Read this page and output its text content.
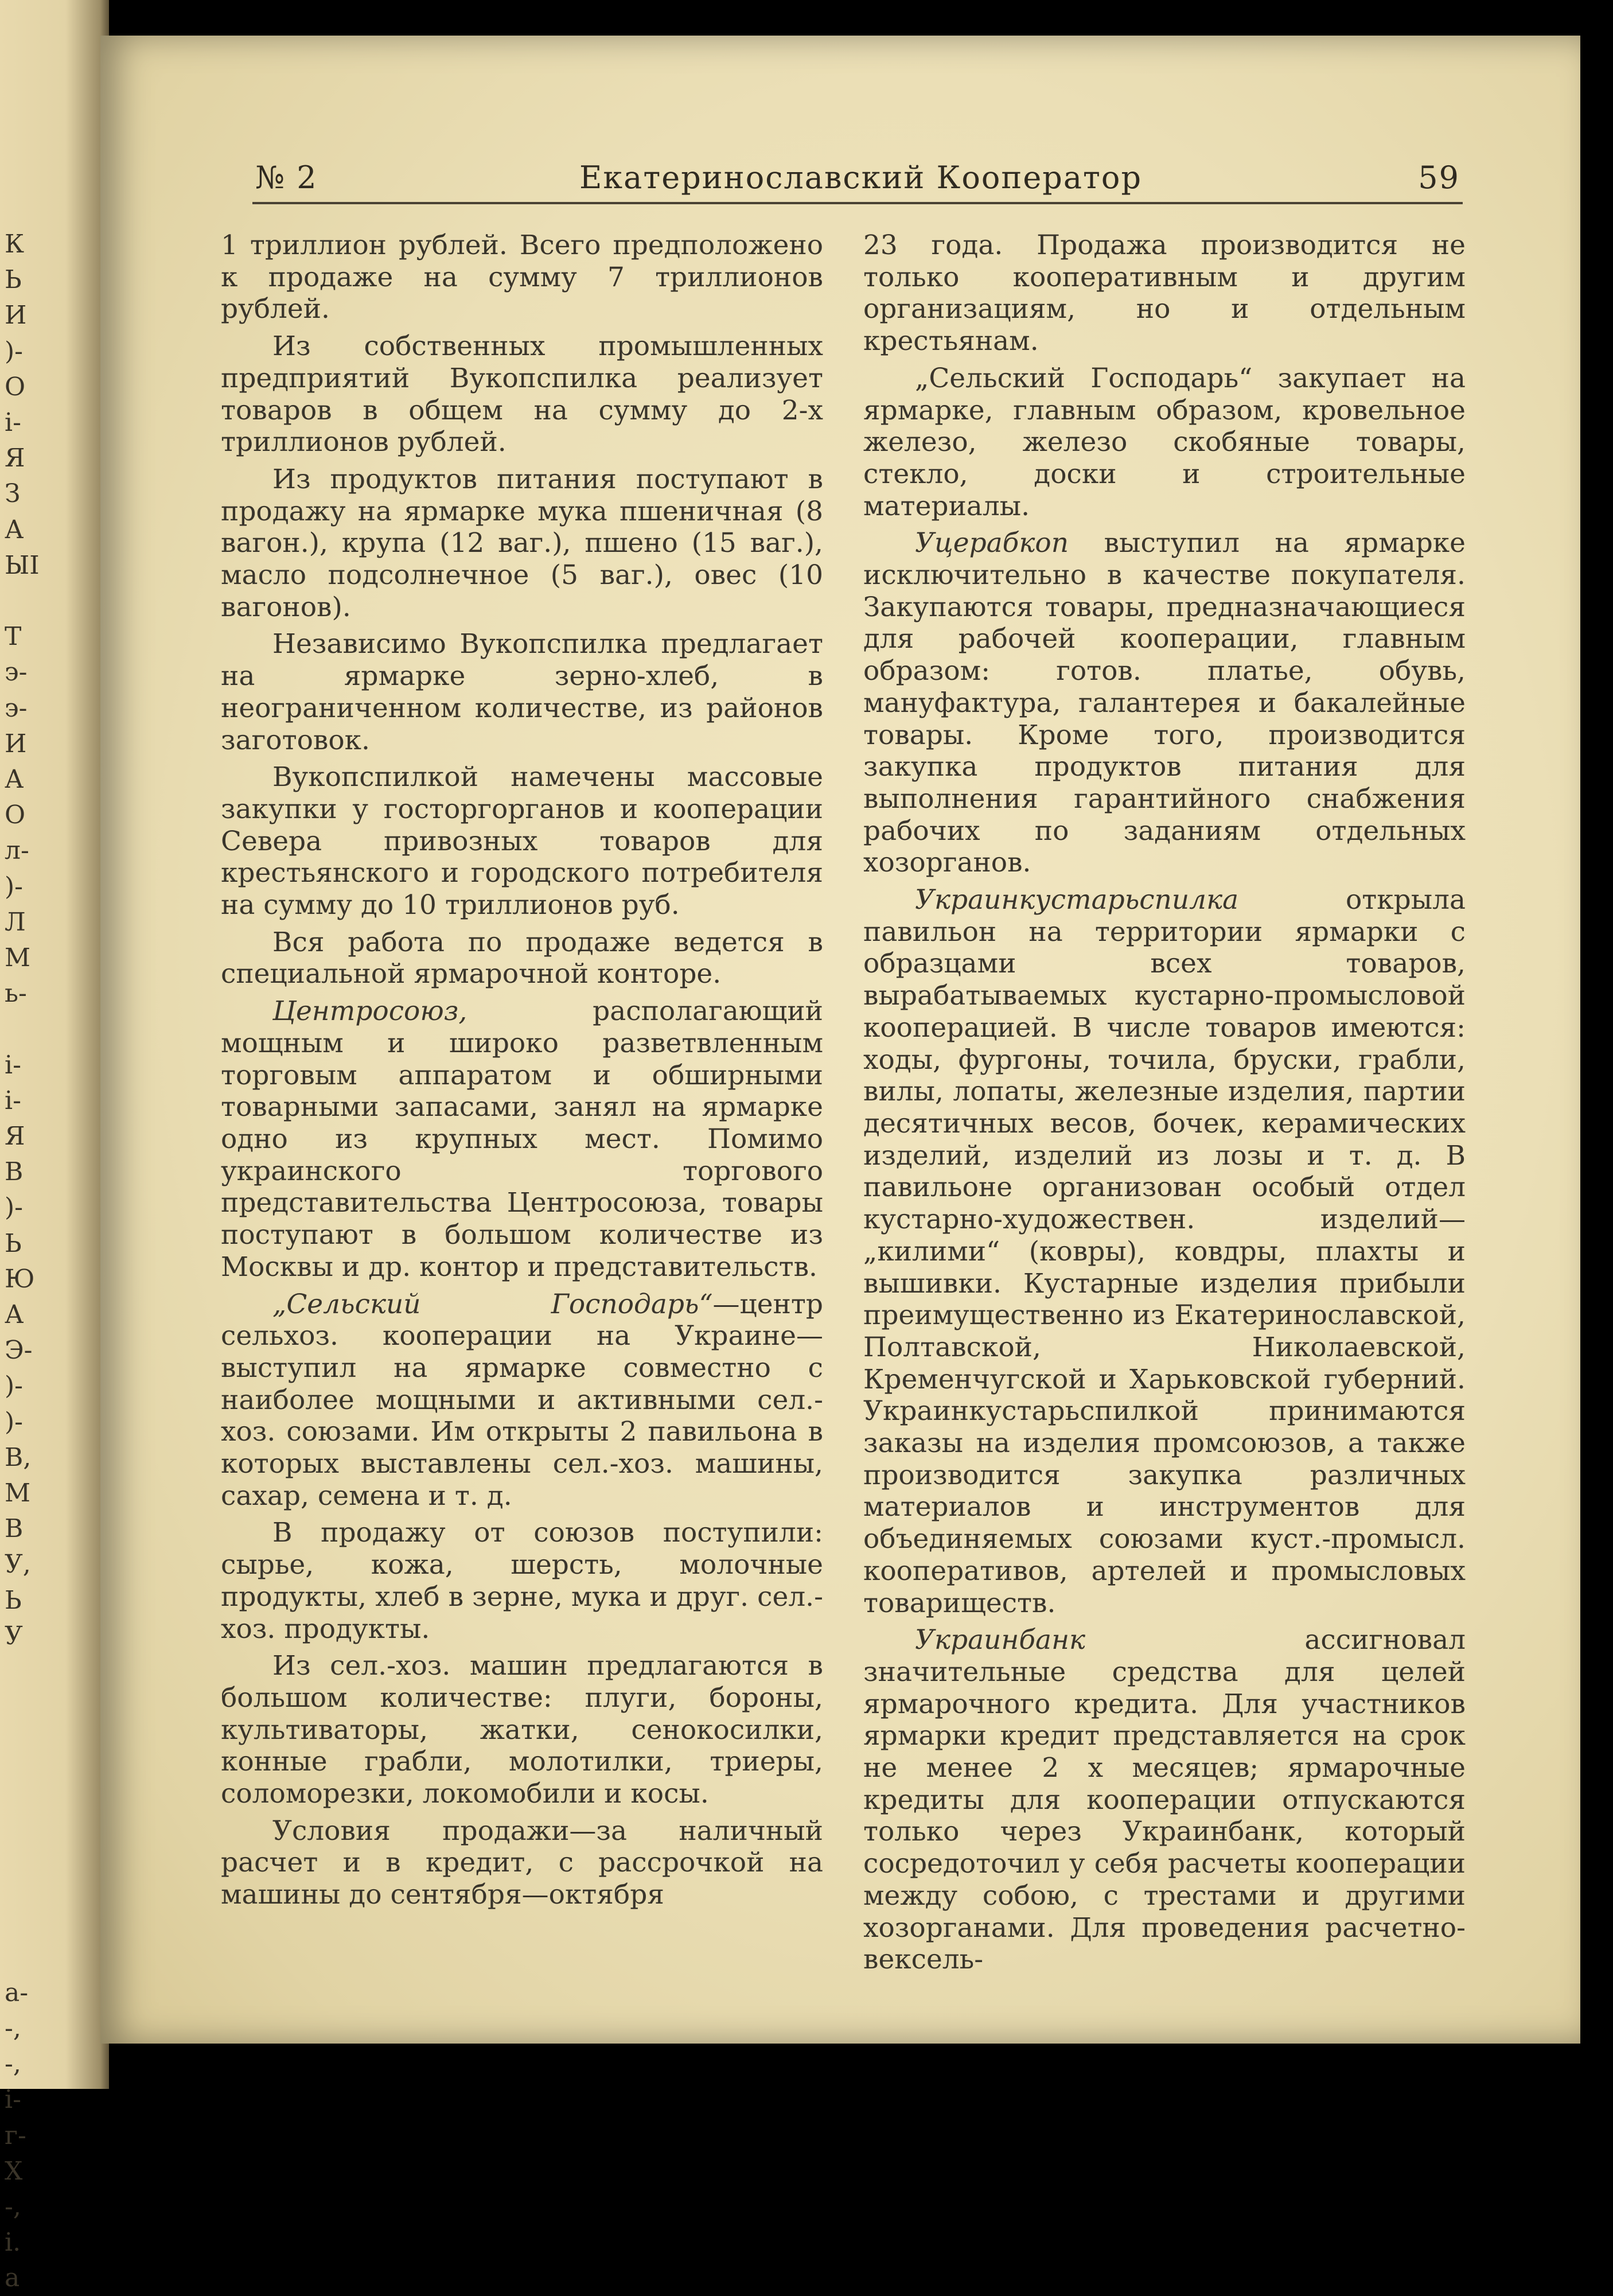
К
Ь
И
)-
О
і-
Я
З
А
ЫІ
Т
э-
э-
И
А
О
л-
)-
Л
М
ь-
і-
і-
Я
В
)-
Ь
Ю
А
Э-
)-
)-
В,
М
В
У,
Ь
У
а-
-,
-,
і-
г-
Х
-,
і.
а
№ 2	Екатеринославский Кооператор	59

1 триллион рублей. Всего предположено к продаже на сумму 7 триллионов рублей.

Из собственных промышленных предприятий Вукопспилка реализует товаров в общем на сумму до 2-х триллионов рублей.

Из продуктов питания поступают в продажу на ярмарке мука пшеничная (8 вагон.), крупа (12 ваг.), пшено (15 ваг.), масло подсолнечное (5 ваг.), овес (10 вагонов).

Независимо Вукопспилка предлагает на ярмарке зерно-хлеб, в неограниченном количестве, из районов заготовок.

Вукопспилкой намечены массовые закупки у госторгорганов и кооперации Севера привозных товаров для крестьянского и городского потребителя на сумму до 10 триллионов руб.

Вся работа по продаже ведется в специальной ярмарочной конторе.

Центросоюз, располагающий мощным и широко разветвленным торговым аппаратом и обширными товарными запасами, занял на ярмарке одно из крупных мест. Помимо украинского торгового представительства Центросоюза, товары поступают в большом количестве из Москвы и др. контор и представительств.

„Сельский Господарь“—центр сельхоз. кооперации на Украине—выступил на ярмарке совместно с наиболее мощными и активными сел.-хоз. союзами. Им открыты 2 павильона в которых выставлены сел.-хоз. машины, сахар, семена и т. д.

В продажу от союзов поступили: сырье, кожа, шерсть, молочные продукты, хлеб в зерне, мука и друг. сел.-хоз. продукты.

Из сел.-хоз. машин предлагаются в большом количестве: плуги, бороны, культиваторы, жатки, сенокосилки, конные грабли, молотилки, триеры, соломорезки, локомобили и косы.

Условия продажи—за наличный расчет и в кредит, с рассрочкой на машины до сентября—октября

23 года. Продажа производится не только кооперативным и другим организациям, но и отдельным крестьянам.

„Сельский Господарь“ закупает на ярмарке, главным образом, кровельное железо, железо скобяные товары, стекло, доски и строительные материалы.

Уцерабкоп выступил на ярмарке исключительно в качестве покупателя. Закупаются товары, предназначающиеся для рабочей кооперации, главным образом: готов. платье, обувь, мануфактура, галантерея и бакалейные товары. Кроме того, производится закупка продуктов питания для выполнения гарантийного снабжения рабочих по заданиям отдельных хозорганов.

Украинкустарьспилка открыла павильон на территории ярмарки с образцами всех товаров, вырабатываемых кустарно-промысловой кооперацией. В числе товаров имеются: ходы, фургоны, точила, бруски, грабли, вилы, лопаты, железные изделия, партии десятичных весов, бочек, керамических изделий, изделий из лозы и т. д. В павильоне организован особый отдел кустарно-художествен. изделий—„килими“ (ковры), ковдры, плахты и вышивки. Кустарные изделия прибыли преимущественно из Екатеринославской, Полтавской, Николаевской, Кременчугской и Харьковской губерний. Украинкустарьспилкой принимаются заказы на изделия промсоюзов, а также производится закупка различных материалов и инструментов для объединяемых союзами куст.-промысл. кооперативов, артелей и промысловых товариществ.

Украинбанк ассигновал значительные средства для целей ярмарочного кредита. Для участников ярмарки кредит представляется на срок не менее 2 х месяцев; ярмарочные кредиты для кооперации отпускаются только через Украинбанк, который сосредоточил у себя расчеты кооперации между собою, с трестами и другими хозорганами. Для проведения расчетно-вексель-
